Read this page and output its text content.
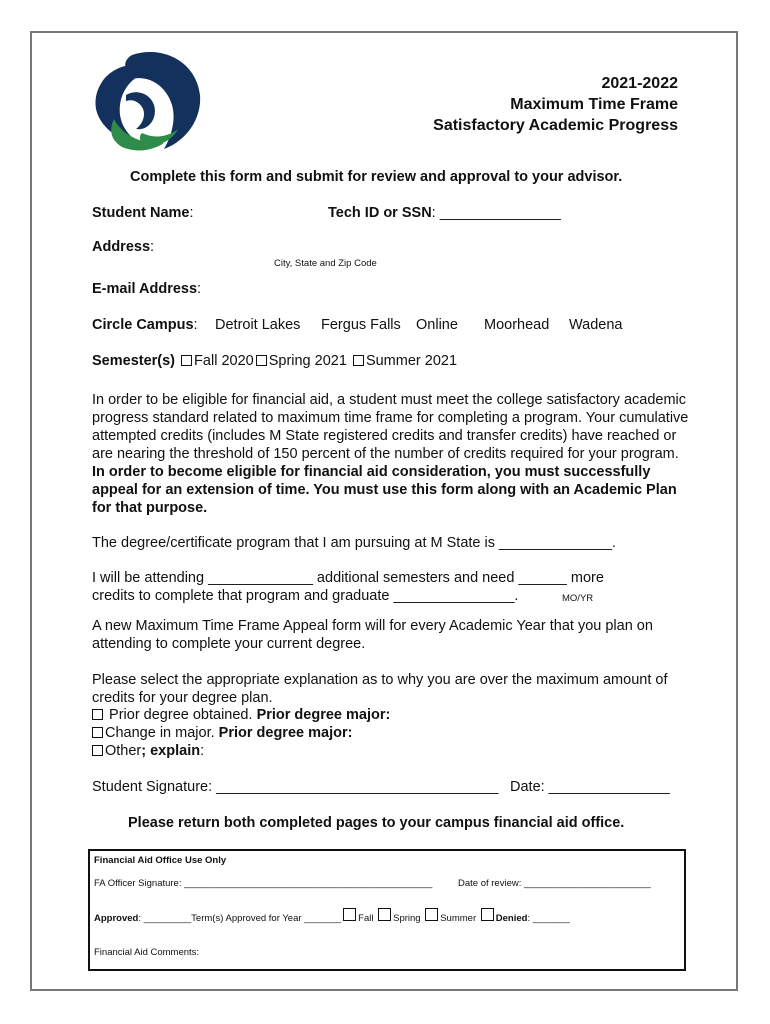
2021-2022
Maximum Time Frame
Satisfactory Academic Progress
Complete this form and submit for review and approval to your advisor.
Student Name:	Tech ID or SSN: _______________
Address:
City, State and Zip Code
E-mail Address:
Circle Campus: Detroit Lakes Fergus Falls Online Moorhead Wadena
Semester(s) Fall 2020 Spring 2021 Summer 2021
In order to be eligible for financial aid, a student must meet the college satisfactory academic progress standard related to maximum time frame for completing a program. Your cumulative attempted credits (includes M State registered credits and transfer credits) have reached or are nearing the threshold of 150 percent of the number of credits required for your program. In order to become eligible for financial aid consideration, you must successfully appeal for an extension of time. You must use this form along with an Academic Plan for that purpose.
The degree/certificate program that I am pursuing at M State is ______________.
I will be attending _____________ additional semesters and need ______ more
credits to complete that program and graduate _______________.	MO/YR
A new Maximum Time Frame Appeal form will for every Academic Year that you plan on attending to complete your current degree.
Please select the appropriate explanation as to why you are over the maximum amount of credits for your degree plan.
Prior degree obtained. Prior degree major:
Change in major. Prior degree major:
Other; explain:
Student Signature: ___________________________________ Date: _______________
Please return both completed pages to your campus financial aid office.
Financial Aid Office Use Only
FA Officer Signature: _______________________________________________	Date of review: ________________________
Approved: _________Term(s) Approved for Year _______ Fall Spring Summer Denied: _______
Financial Aid Comments:
